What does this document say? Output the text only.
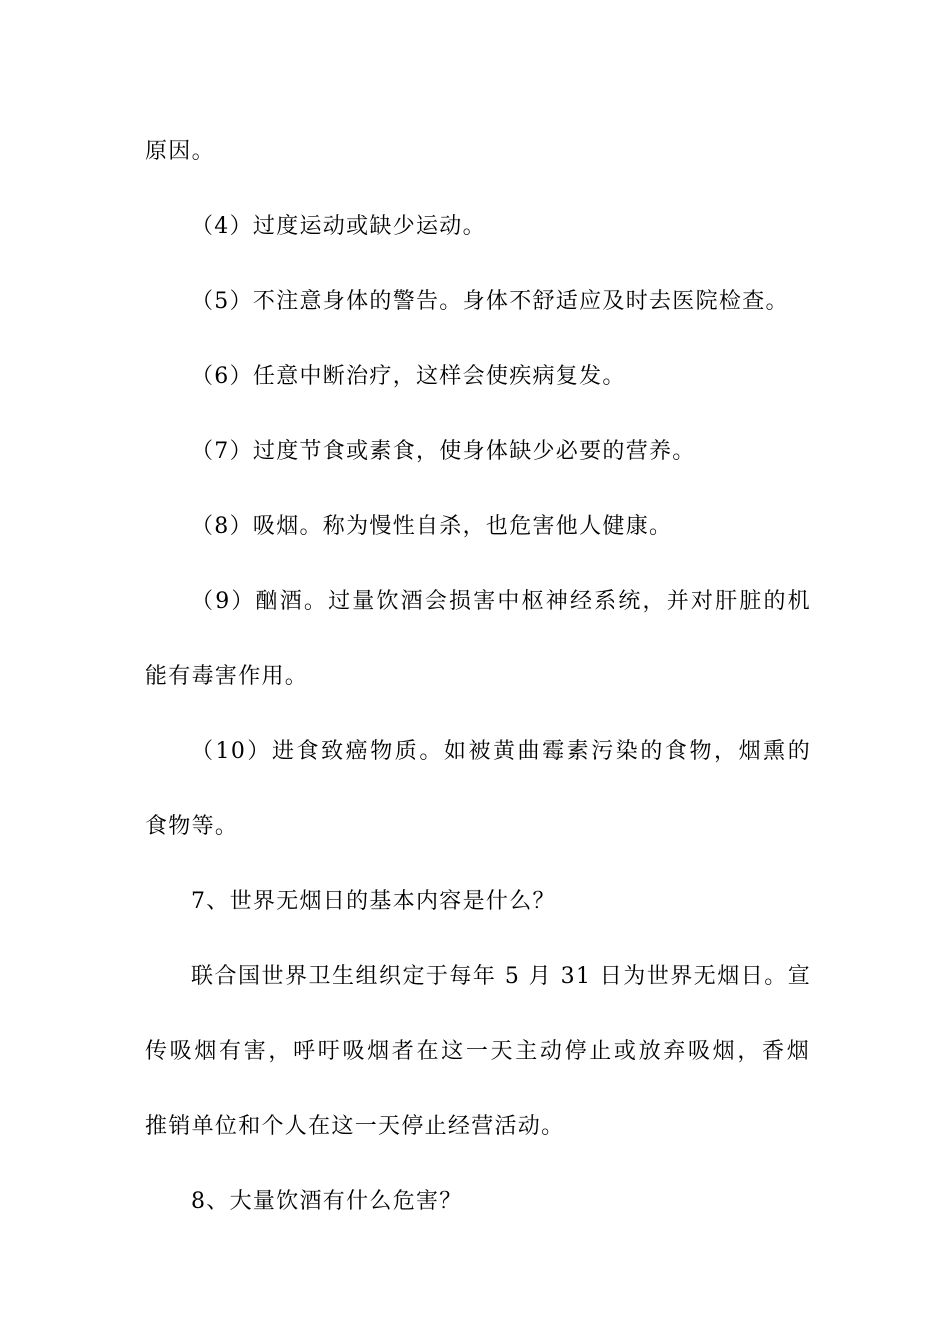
原因。
（4）过度运动或缺少运动。
（5）不注意身体的警告。身体不舒适应及时去医院检查。
（6）任意中断治疗，这样会使疾病复发。
（7）过度节食或素食，使身体缺少必要的营养。
（8）吸烟。称为慢性自杀，也危害他人健康。
（9）酗酒。过量饮酒会损害中枢神经系统，并对肝脏的机
能有毒害作用。
（10）进食致癌物质。如被黄曲霉素污染的食物，烟熏的
食物等。
7、世界无烟日的基本内容是什么？
联合国世界卫生组织定于每年 5 月 31 日为世界无烟日。宣
传吸烟有害，呼吁吸烟者在这一天主动停止或放弃吸烟，香烟
推销单位和个人在这一天停止经营活动。
8、大量饮酒有什么危害？
